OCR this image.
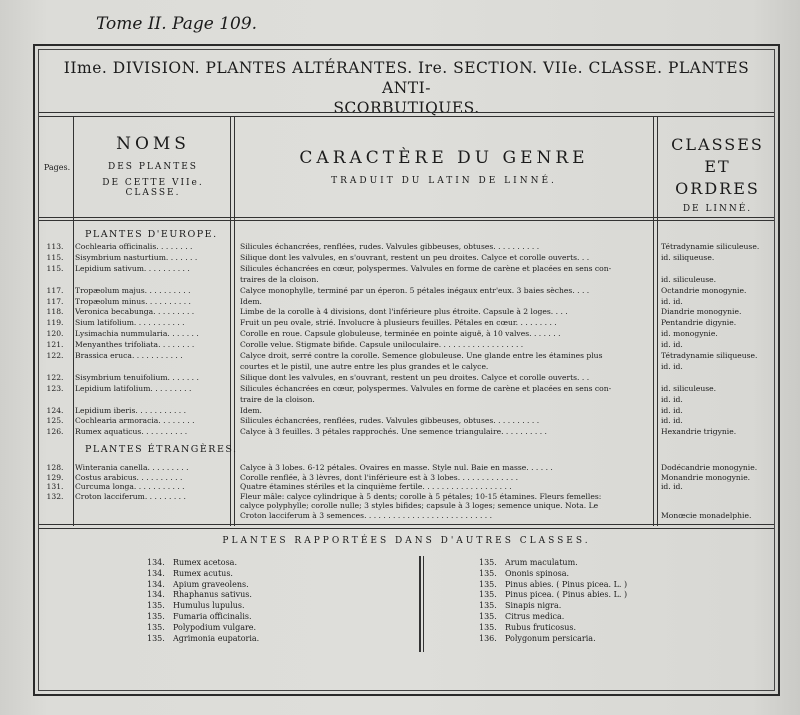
Tome II. Page 109.
IIme. DIVISION. PLANTES ALTÉRANTES. Ire. SECTION. VIIe. CLASSE. PLANTES ANTI-
SCORBUTIQUES.
Pages.
NOMS
DES PLANTES
DE CETTE VIIe. CLASSE.
CARACTÈRE DU GENRE
TRADUIT DU LATIN DE LINNÉ.
CLASSES
ET ORDRES
DE LINNÉ.
PLANTES D'EUROPE.
113.	Cochlearia officinalis. . . . . . . .	Silicules échancrées, renflées, rudes. Valvules gibbeuses, obtuses. . . . . . . . . .	Tétradynamie siliculeuse.
115.	Sisymbrium nasturtium. . . . . . .	Silique dont les valvules, en s'ouvrant, restent un peu droites. Calyce et corolle ouverts. . .	id. siliqueuse.
115.	Lepidium sativum. . . . . . . . . .	Silicules échancrées en cœur, polyspermes. Valvules en forme de carène et placées en sens con-
traires de la cloison.	id. siliculeuse.
117.	Tropæolum majus. . . . . . . . . .	Calyce monophylle, terminé par un éperon. 5 pétales inégaux entr'eux. 3 baies sèches. . . .	Octandrie monogynie.
117.	Tropæolum minus. . . . . . . . . .	Idem.	id. id.
118.	Veronica becabunga. . . . . . . . .	Limbe de la corolle à 4 divisions, dont l'inférieure plus étroite. Capsule à 2 loges. . . .	Diandrie monogynie.
119.	Sium latifolium. . . . . . . . . . .	Fruit un peu ovale, strié. Involucre à plusieurs feuilles. Pétales en cœur. . . . . . . . .	Pentandrie digynie.
120.	Lysimachia nummularia. . . . . . .	Corolle en roue. Capsule globuleuse, terminée en pointe aiguë, à 10 valves. . . . . . .	id. monogynie.
121.	Menyanthes trifoliata. . . . . . . .	Corolle velue. Stigmate bifide. Capsule uniloculaire. . . . . . . . . . . . . . . . . .	id. id.
122.	Brassica eruca. . . . . . . . . . .	Calyce droit, serré contre la corolle. Semence globuleuse. Une glande entre les étamines plus	Tétradynamie siliqueuse.
courtes et le pistil, une autre entre les plus grandes et le calyce.	id. id.
122.	Sisymbrium tenuifolium. . . . . . .	Silique dont les valvules, en s'ouvrant, restent un peu droites. Calyce et corolle ouverts. . .
123.	Lepidium latifolium. . . . . . . . .	Silicules échancrées en cœur, polyspermes. Valvules en forme de carène et placées en sens con-	id. siliculeuse.
traire de la cloison.	id. id.
124.	Lepidium iberis. . . . . . . . . . .	Idem.	id. id.
125.	Cochlearia armoracia. . . . . . . .	Silicules échancrées, renflées, rudes. Valvules gibbeuses, obtuses. . . . . . . . . .	id. id.
126.	Rumex aquaticus. . . . . . . . . .	Calyce à 3 feuilles. 3 pétales rapprochés. Une semence triangulaire. . . . . . . . . .	Hexandrie trigynie.
PLANTES ÉTRANGÈRES.
128.	Winterania canella. . . . . . . . .	Calyce à 3 lobes. 6-12 pétales. Ovaires en masse. Style nul. Baie en masse. . . . . .	Dodécandrie monogynie.
129.	Costus arabicus. . . . . . . . . .	Corolle renflée, à 3 lèvres, dont l'inférieure est à 3 lobes. . . . . . . . . . . . .	Monandrie monogynie.
131.	Curcuma longa. . . . . . . . . . .	Quatre étamines stériles et la cinquième fertile. . . . . . . . . . . . . . . . . . .	id. id.
132.	Croton lacciferum. . . . . . . . .	Fleur mâle: calyce cylindrique à 5 dents; corolle à 5 pétales; 10-15 étamines. Fleurs femelles:
calyce polyphylle; corolle nulle; 3 styles bifides; capsule à 3 loges; semence unique. Nota. Le
Croton lacciferum à 3 semences. . . . . . . . . . . . . . . . . . . . . . . . . . .	Monœcie monadelphie.
PLANTES RAPPORTÉES DANS D'AUTRES CLASSES.
134. Rumex acetosa.
134. Rumex acutus.
134. Apium graveolens.
134. Rhaphanus sativus.
135. Humulus lupulus.
135. Fumaria officinalis.
135. Polypodium vulgare.
135. Agrimonia eupatoria.
135. Arum maculatum.
135. Ononis spinosa.
135. Pinus abies. ( Pinus picea. L. )
135. Pinus picea. ( Pinus abies. L. )
135. Sinapis nigra.
135. Citrus medica.
135. Rubus fruticosus.
136. Polygonum persicaria.
